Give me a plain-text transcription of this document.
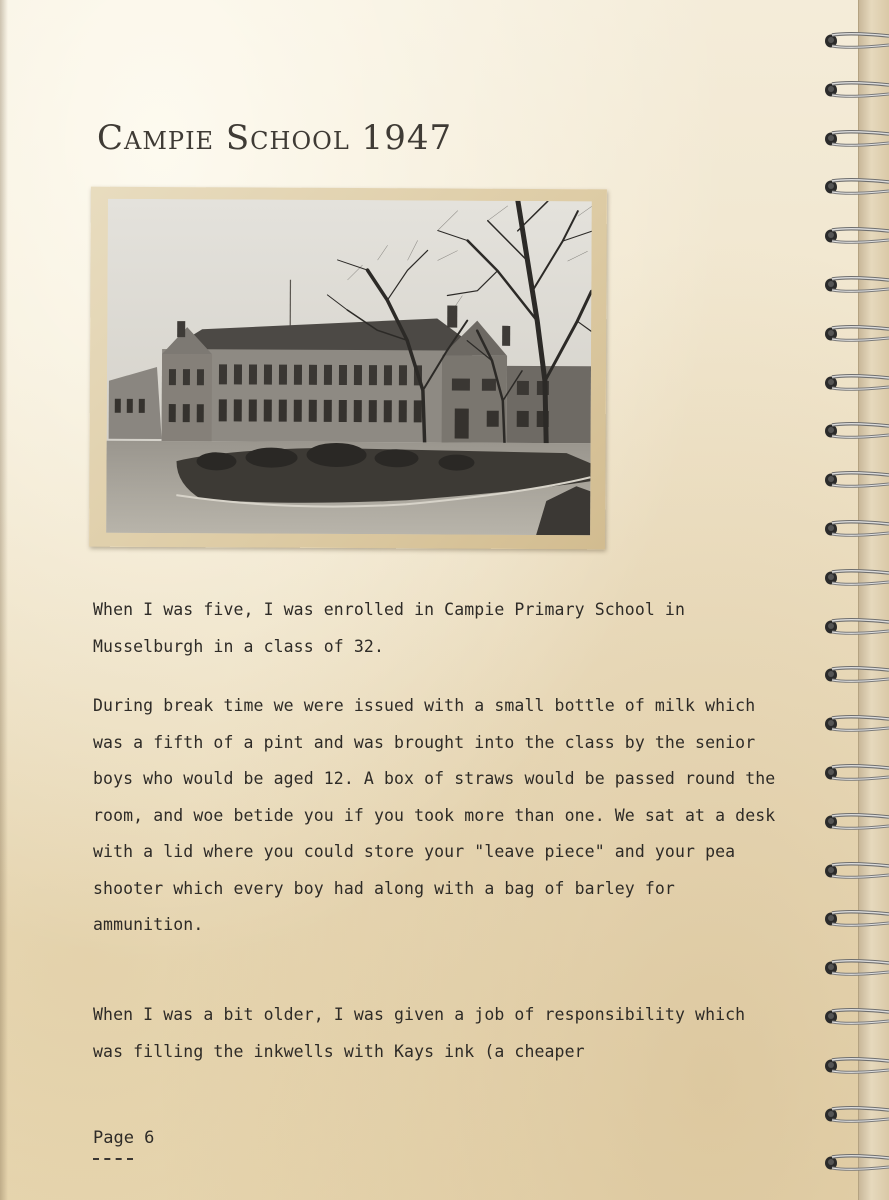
Campie School 1947

When I was five, I was enrolled in Campie Primary School in Musselburgh in a class of 32.

During break time we were issued with a small bottle of milk which was a fifth of a pint and was brought into the class by the senior boys who would be aged 12. A box of straws would be passed round the room, and woe betide you if you took more than one. We sat at a desk with a lid where you could store your "leave piece" and your pea shooter which every boy had along with a bag of barley for ammunition.

When I was a bit older, I was given a job of responsibility which was filling the inkwells with Kays ink (a cheaper

Page 6
